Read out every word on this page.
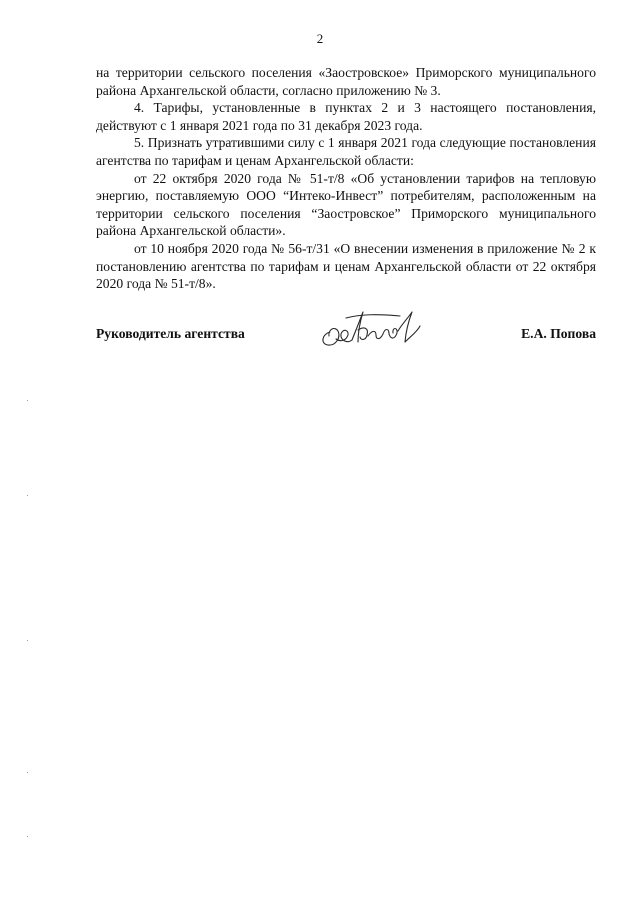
2

на территории сельского поселения «Заостровское» Приморского муниципального района Архангельской области, согласно приложению № 3.

4. Тарифы, установленные в пунктах 2 и 3 настоящего постановления, действуют с 1 января 2021 года по 31 декабря 2023 года.

5. Признать утратившими силу с 1 января 2021 года следующие постановления агентства по тарифам и ценам Архангельской области:

от 22 октября 2020 года № 51-т/8 «Об установлении тарифов на тепловую энергию, поставляемую ООО “Интеко-Инвест” потребителям, расположенным на территории сельского поселения “Заостровское” Приморского муниципального района Архангельской области».

от 10 ноября 2020 года № 56-т/31 «О внесении изменения в приложение № 2 к постановлению агентства по тарифам и ценам Архангельской области от 22 октября 2020 года № 51-т/8».

Руководитель агентства	Е.А. Попова
